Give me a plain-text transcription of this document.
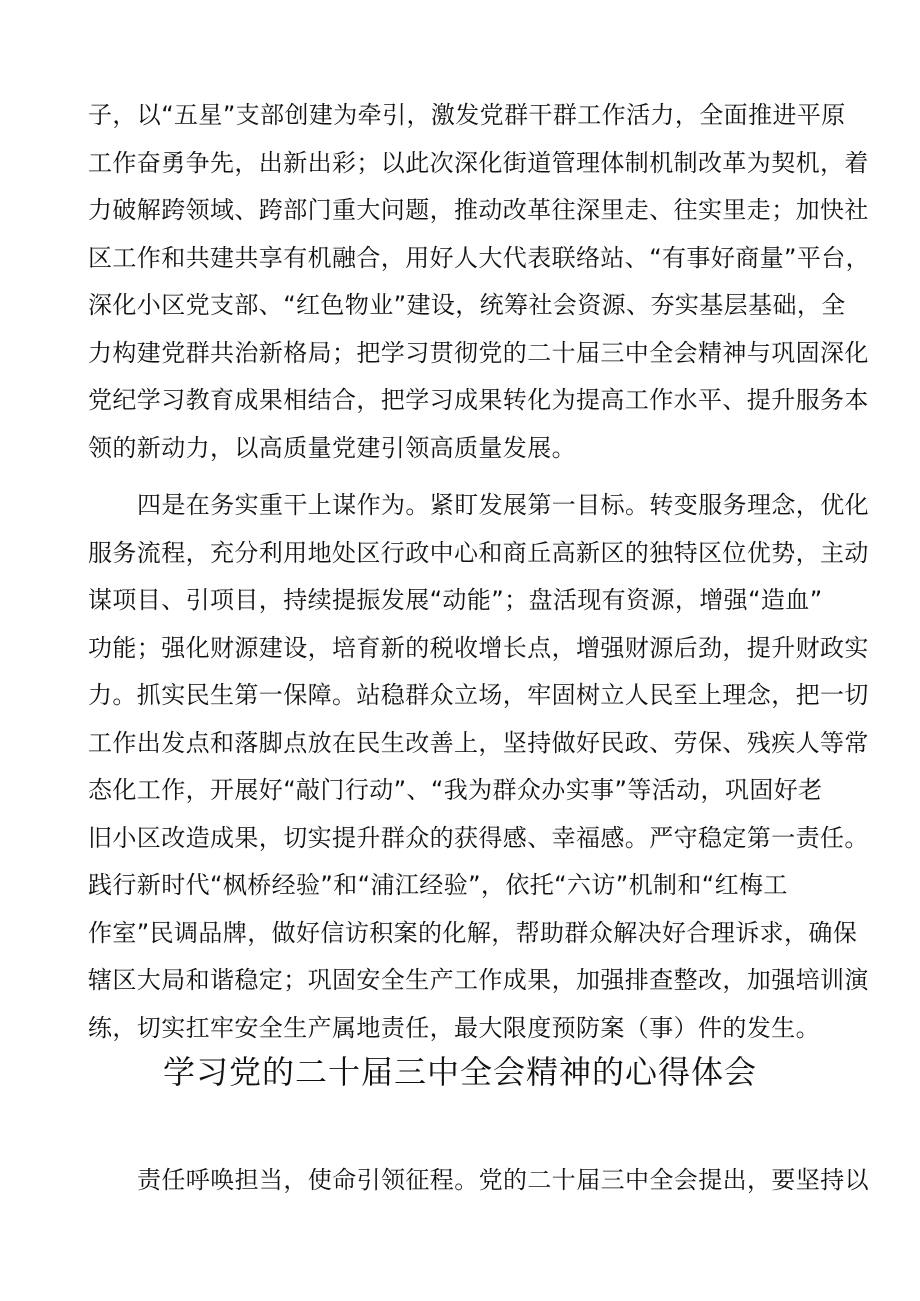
子，以“五星”支部创建为牵引，激发党群干群工作活力，全面推进平原
工作奋勇争先，出新出彩；以此次深化街道管理体制机制改革为契机，着
力破解跨领域、跨部门重大问题，推动改革往深里走、往实里走；加快社
区工作和共建共享有机融合，用好人大代表联络站、“有事好商量”平台，
深化小区党支部、“红色物业”建设，统筹社会资源、夯实基层基础，全
力构建党群共治新格局；把学习贯彻党的二十届三中全会精神与巩固深化
党纪学习教育成果相结合，把学习成果转化为提高工作水平、提升服务本
领的新动力，以高质量党建引领高质量发展。
四是在务实重干上谋作为。紧盯发展第一目标。转变服务理念，优化
服务流程，充分利用地处区行政中心和商丘高新区的独特区位优势，主动
谋项目、引项目，持续提振发展“动能”；盘活现有资源，增强“造血”
功能；强化财源建设，培育新的税收增长点，增强财源后劲，提升财政实
力。抓实民生第一保障。站稳群众立场，牢固树立人民至上理念，把一切
工作出发点和落脚点放在民生改善上，坚持做好民政、劳保、残疾人等常
态化工作，开展好“敲门行动”、“我为群众办实事”等活动，巩固好老
旧小区改造成果，切实提升群众的获得感、幸福感。严守稳定第一责任。
践行新时代“枫桥经验”和“浦江经验”，依托“六访”机制和“红梅工
作室”民调品牌，做好信访积案的化解，帮助群众解决好合理诉求，确保
辖区大局和谐稳定；巩固安全生产工作成果，加强排查整改，加强培训演
练，切实扛牢安全生产属地责任，最大限度预防案（事）件的发生。
学习党的二十届三中全会精神的心得体会
责任呼唤担当，使命引领征程。党的二十届三中全会提出，要坚持以
